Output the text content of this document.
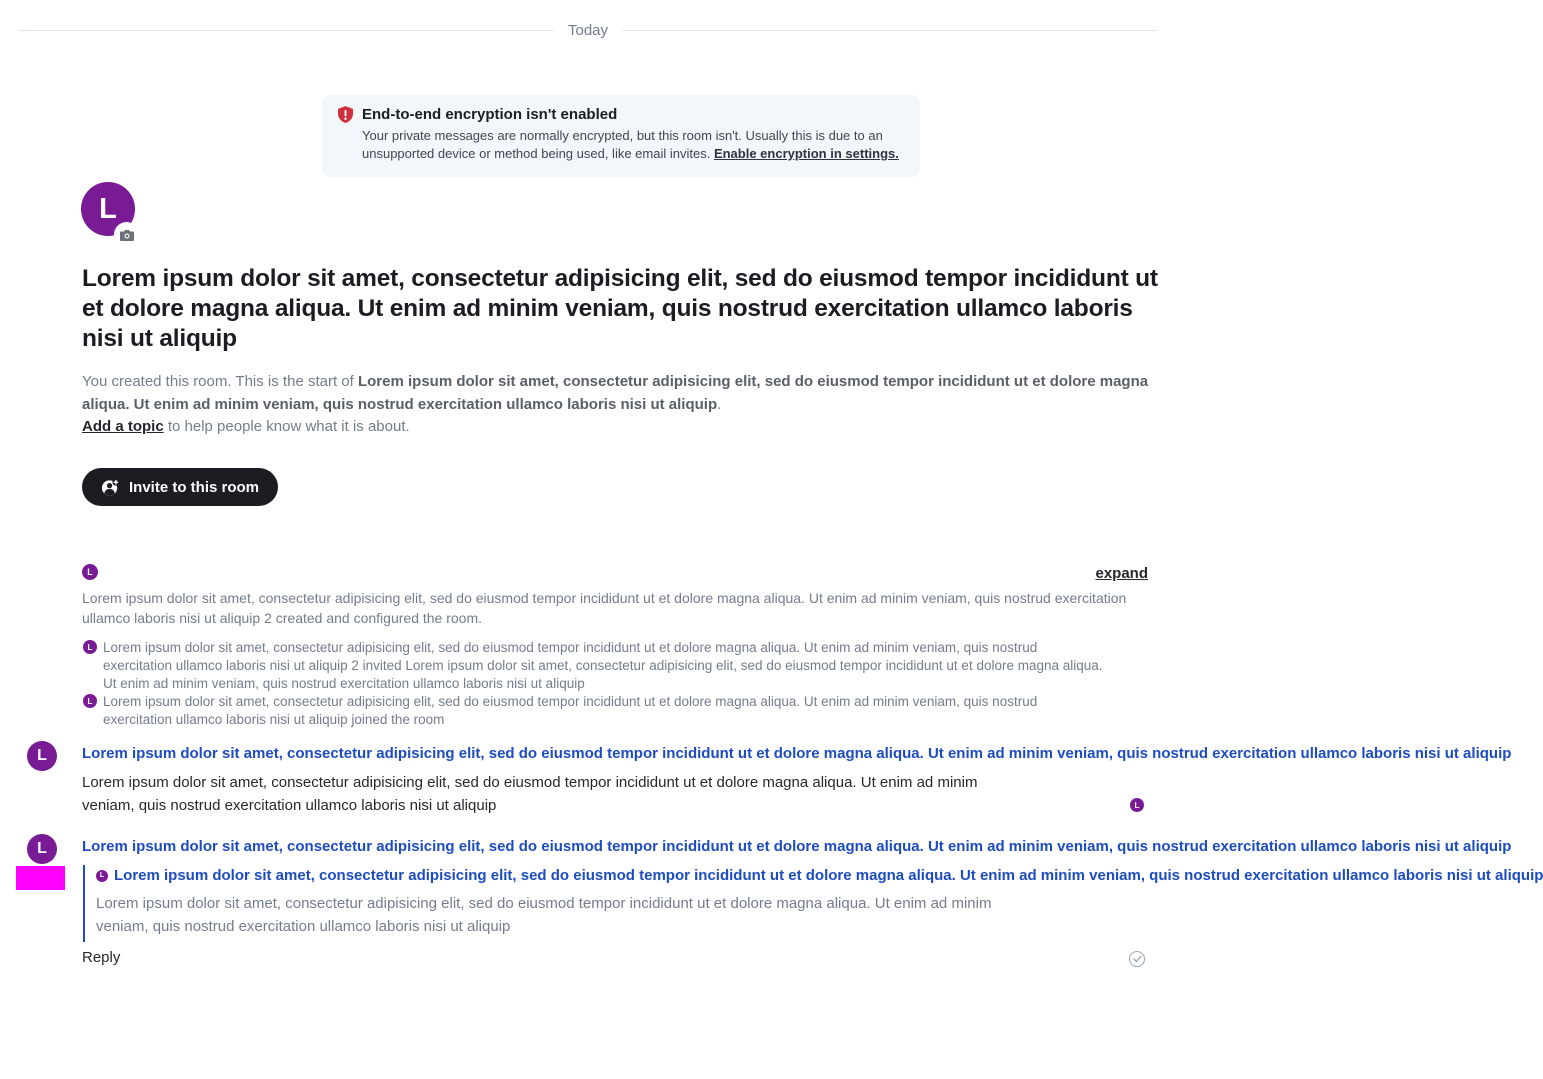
Today
End-to-end encryption isn't enabled
Your private messages are normally encrypted, but this room isn't. Usually this is due to an unsupported device or method being used, like email invites. Enable encryption in settings.
L
Lorem ipsum dolor sit amet, consectetur adipisicing elit, sed do eiusmod tempor incididunt ut et dolore magna aliqua. Ut enim ad minim veniam, quis nostrud exercitation ullamco laboris nisi ut aliquip
You created this room. This is the start of Lorem ipsum dolor sit amet, consectetur adipisicing elit, sed do eiusmod tempor incididunt ut et dolore magna aliqua. Ut enim ad minim veniam, quis nostrud exercitation ullamco laboris nisi ut aliquip.
Add a topic to help people know what it is about.
Invite to this room
L	expand
Lorem ipsum dolor sit amet, consectetur adipisicing elit, sed do eiusmod tempor incididunt ut et dolore magna aliqua. Ut enim ad minim veniam, quis nostrud exercitation ullamco laboris nisi ut aliquip 2 created and configured the room.
L Lorem ipsum dolor sit amet, consectetur adipisicing elit, sed do eiusmod tempor incididunt ut et dolore magna aliqua. Ut enim ad minim veniam, quis nostrud exercitation ullamco laboris nisi ut aliquip 2 invited Lorem ipsum dolor sit amet, consectetur adipisicing elit, sed do eiusmod tempor incididunt ut et dolore magna aliqua. Ut enim ad minim veniam, quis nostrud exercitation ullamco laboris nisi ut aliquip
L Lorem ipsum dolor sit amet, consectetur adipisicing elit, sed do eiusmod tempor incididunt ut et dolore magna aliqua. Ut enim ad minim veniam, quis nostrud exercitation ullamco laboris nisi ut aliquip joined the room
L	Lorem ipsum dolor sit amet, consectetur adipisicing elit, sed do eiusmod tempor incididunt ut et dolore magna aliqua. Ut enim ad minim veniam, quis nostrud exercitation ullamco laboris nisi ut aliquip
Lorem ipsum dolor sit amet, consectetur adipisicing elit, sed do eiusmod tempor incididunt ut et dolore magna aliqua. Ut enim ad minim veniam, quis nostrud exercitation ullamco laboris nisi ut aliquip	L
L	Lorem ipsum dolor sit amet, consectetur adipisicing elit, sed do eiusmod tempor incididunt ut et dolore magna aliqua. Ut enim ad minim veniam, quis nostrud exercitation ullamco laboris nisi ut aliquip
L Lorem ipsum dolor sit amet, consectetur adipisicing elit, sed do eiusmod tempor incididunt ut et dolore magna aliqua. Ut enim ad minim veniam, quis nostrud exercitation ullamco laboris nisi ut aliquip
Lorem ipsum dolor sit amet, consectetur adipisicing elit, sed do eiusmod tempor incididunt ut et dolore magna aliqua. Ut enim ad minim veniam, quis nostrud exercitation ullamco laboris nisi ut aliquip
Reply
